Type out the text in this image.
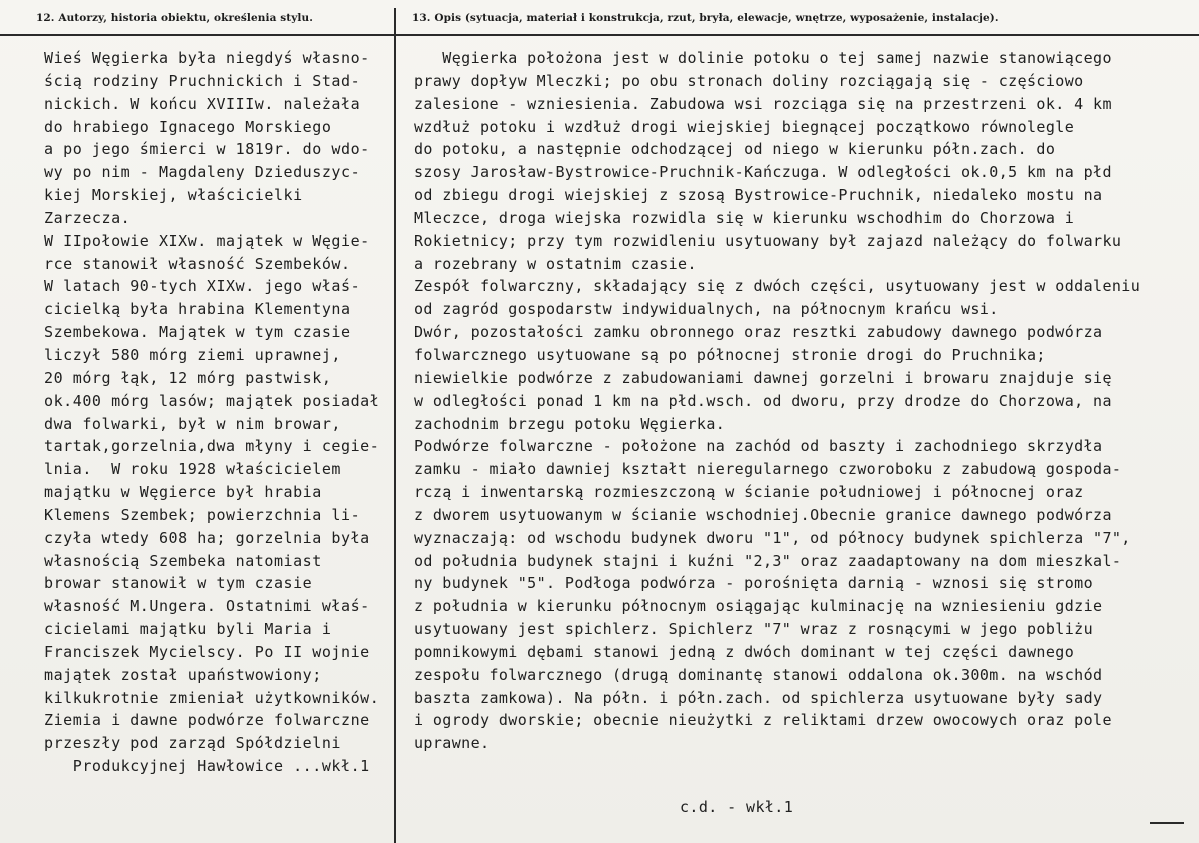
12. Autorzy, historia obiektu, określenia stylu.	13. Opis (sytuacja, materiał i konstrukcja, rzut, bryła, elewacje, wnętrze, wyposażenie, instalacje).
Wieś Węgierka była niegdyś własno-
ścią rodziny Pruchnickich i Stad-
nickich. W końcu XVIIIw. należała
do hrabiego Ignacego Morskiego
a po jego śmierci w 1819r. do wdo-
wy po nim - Magdaleny Dzieduszyc-
kiej Morskiej, właścicielki
Zarzecza.
W IIpołowie XIXw. majątek w Węgie-
rce stanowił własność Szembeków.
W latach 90-tych XIXw. jego właś-
cicielką była hrabina Klementyna
Szembekowa. Majątek w tym czasie
liczył 580 mórg ziemi uprawnej,
20 mórg łąk, 12 mórg pastwisk,
ok.400 mórg lasów; majątek posiadał
dwa folwarki, był w nim browar,
tartak,gorzelnia,dwa młyny i cegie-
lnia.  W roku 1928 właścicielem
majątku w Węgierce był hrabia
Klemens Szembek; powierzchnia li-
czyła wtedy 608 ha; gorzelnia była
własnością Szembeka natomiast
browar stanowił w tym czasie
własność M.Ungera. Ostatnimi właś-
cicielami majątku byli Maria i
Franciszek Mycielscy. Po II wojnie
majątek został upaństwowiony;
kilkukrotnie zmieniał użytkowników.
Ziemia i dawne podwórze folwarczne
przeszły pod zarząd Spółdzielni
Produkcyjnej Hawłowice ...wkł.1
Węgierka położona jest w dolinie potoku o tej samej nazwie stanowiącego
prawy dopływ Mleczki; po obu stronach doliny rozciągają się - częściowo
zalesione - wzniesienia. Zabudowa wsi rozciąga się na przestrzeni ok. 4 km
wzdłuż potoku i wzdłuż drogi wiejskiej biegnącej początkowo równolegle
do potoku, a następnie odchodzącej od niego w kierunku półn.zach. do
szosy Jarosław-Bystrowice-Pruchnik-Kańczuga. W odległości ok.0,5 km na płd
od zbiegu drogi wiejskiej z szosą Bystrowice-Pruchnik, niedaleko mostu na
Mleczce, droga wiejska rozwidla się w kierunku wschodhim do Chorzowa i
Rokietnicy; przy tym rozwidleniu usytuowany był zajazd należący do folwarku
a rozebrany w ostatnim czasie.
Zespół folwarczny, składający się z dwóch części, usytuowany jest w oddaleniu
od zagród gospodarstw indywidualnych, na północnym krańcu wsi.
Dwór, pozostałości zamku obronnego oraz resztki zabudowy dawnego podwórza
folwarcznego usytuowane są po północnej stronie drogi do Pruchnika;
niewielkie podwórze z zabudowaniami dawnej gorzelni i browaru znajduje się
w odległości ponad 1 km na płd.wsch. od dworu, przy drodze do Chorzowa, na
zachodnim brzegu potoku Węgierka.
Podwórze folwarczne - położone na zachód od baszty i zachodniego skrzydła
zamku - miało dawniej kształt nieregularnego czworoboku z zabudową gospoda-
rczą i inwentarską rozmieszczoną w ścianie południowej i północnej oraz
z dworem usytuowanym w ścianie wschodniej.Obecnie granice dawnego podwórza
wyznaczają: od wschodu budynek dworu "1", od północy budynek spichlerza "7",
od południa budynek stajni i kuźni "2,3" oraz zaadaptowany na dom mieszkal-
ny budynek "5". Podłoga podwórza - porośnięta darnią - wznosi się stromo
z południa w kierunku północnym osiągając kulminację na wzniesieniu gdzie
usytuowany jest spichlerz. Spichlerz "7" wraz z rosnącymi w jego pobliżu
pomnikowymi dębami stanowi jedną z dwóch dominant w tej części dawnego
zespołu folwarcznego (drugą dominantę stanowi oddalona ok.300m. na wschód
baszta zamkowa). Na półn. i półn.zach. od spichlerza usytuowane były sady
i ogrody dworskie; obecnie nieużytki z reliktami drzew owocowych oraz pole
uprawne.
c.d. - wkł.1
